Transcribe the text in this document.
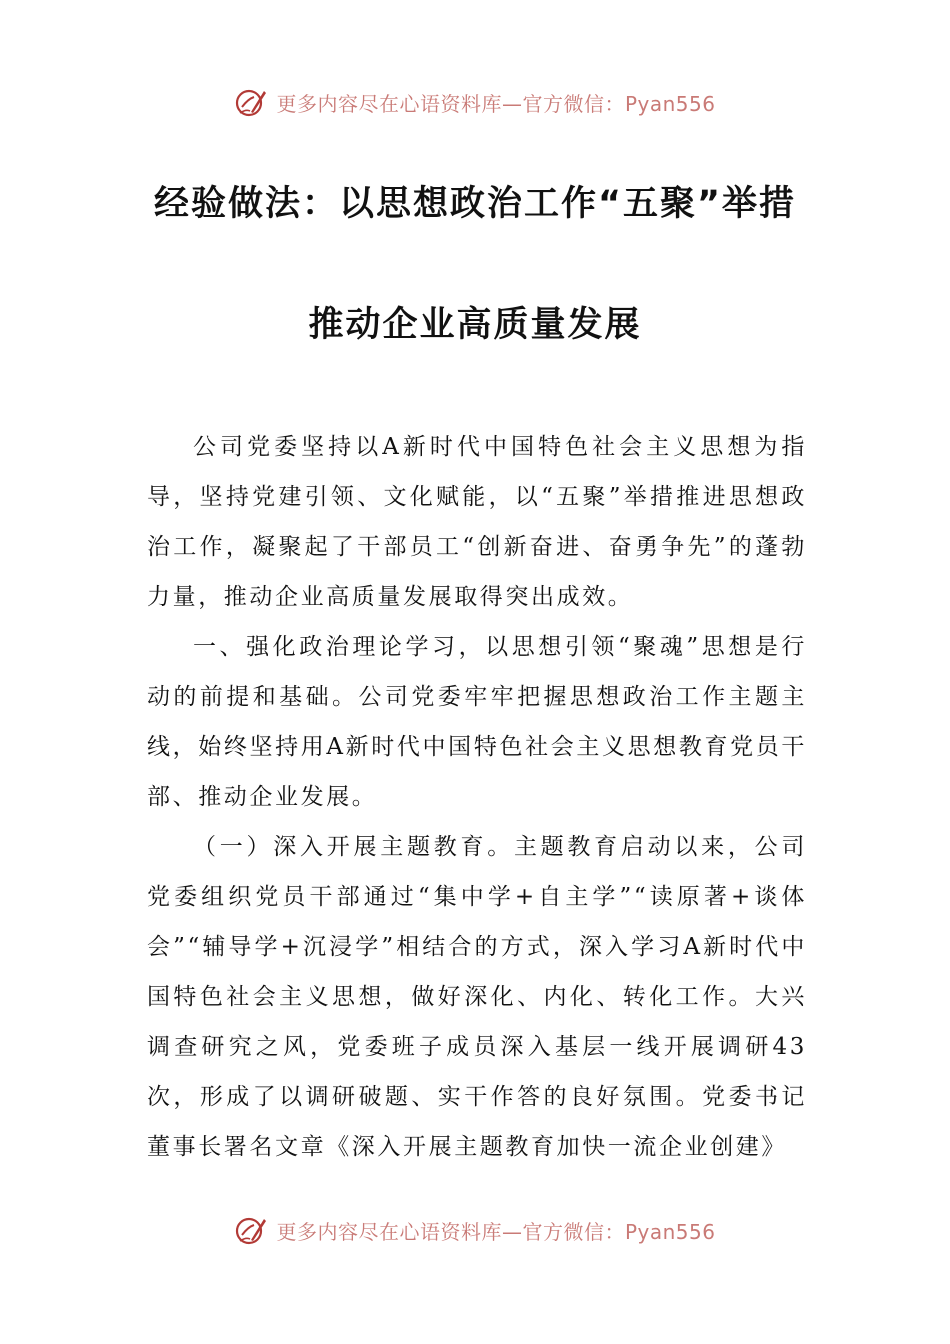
更多内容尽在心语资料库—官方微信：Pyan556
经验做法：以思想政治工作“五聚”举措
推动企业高质量发展

公司党委坚持以A新时代中国特色社会主义思想为指导，坚持党建引领、文化赋能，以“五聚”举措推进思想政治工作，凝聚起了干部员工“创新奋进、奋勇争先”的蓬勃力量，推动企业高质量发展取得突出成效。

一、强化政治理论学习，以思想引领“聚魂”思想是行动的前提和基础。公司党委牢牢把握思想政治工作主题主线，始终坚持用A新时代中国特色社会主义思想教育党员干部、推动企业发展。

（一）深入开展主题教育。主题教育启动以来，公司党委组织党员干部通过“集中学+自主学”“读原著+谈体会”“辅导学+沉浸学”相结合的方式，深入学习A新时代中国特色社会主义思想，做好深化、内化、转化工作。大兴调查研究之风，党委班子成员深入基层一线开展调研43次，形成了以调研破题、实干作答的良好氛围。党委书记董事长署名文章《深入开展主题教育加快一流企业创建》

更多内容尽在心语资料库—官方微信：Pyan556
